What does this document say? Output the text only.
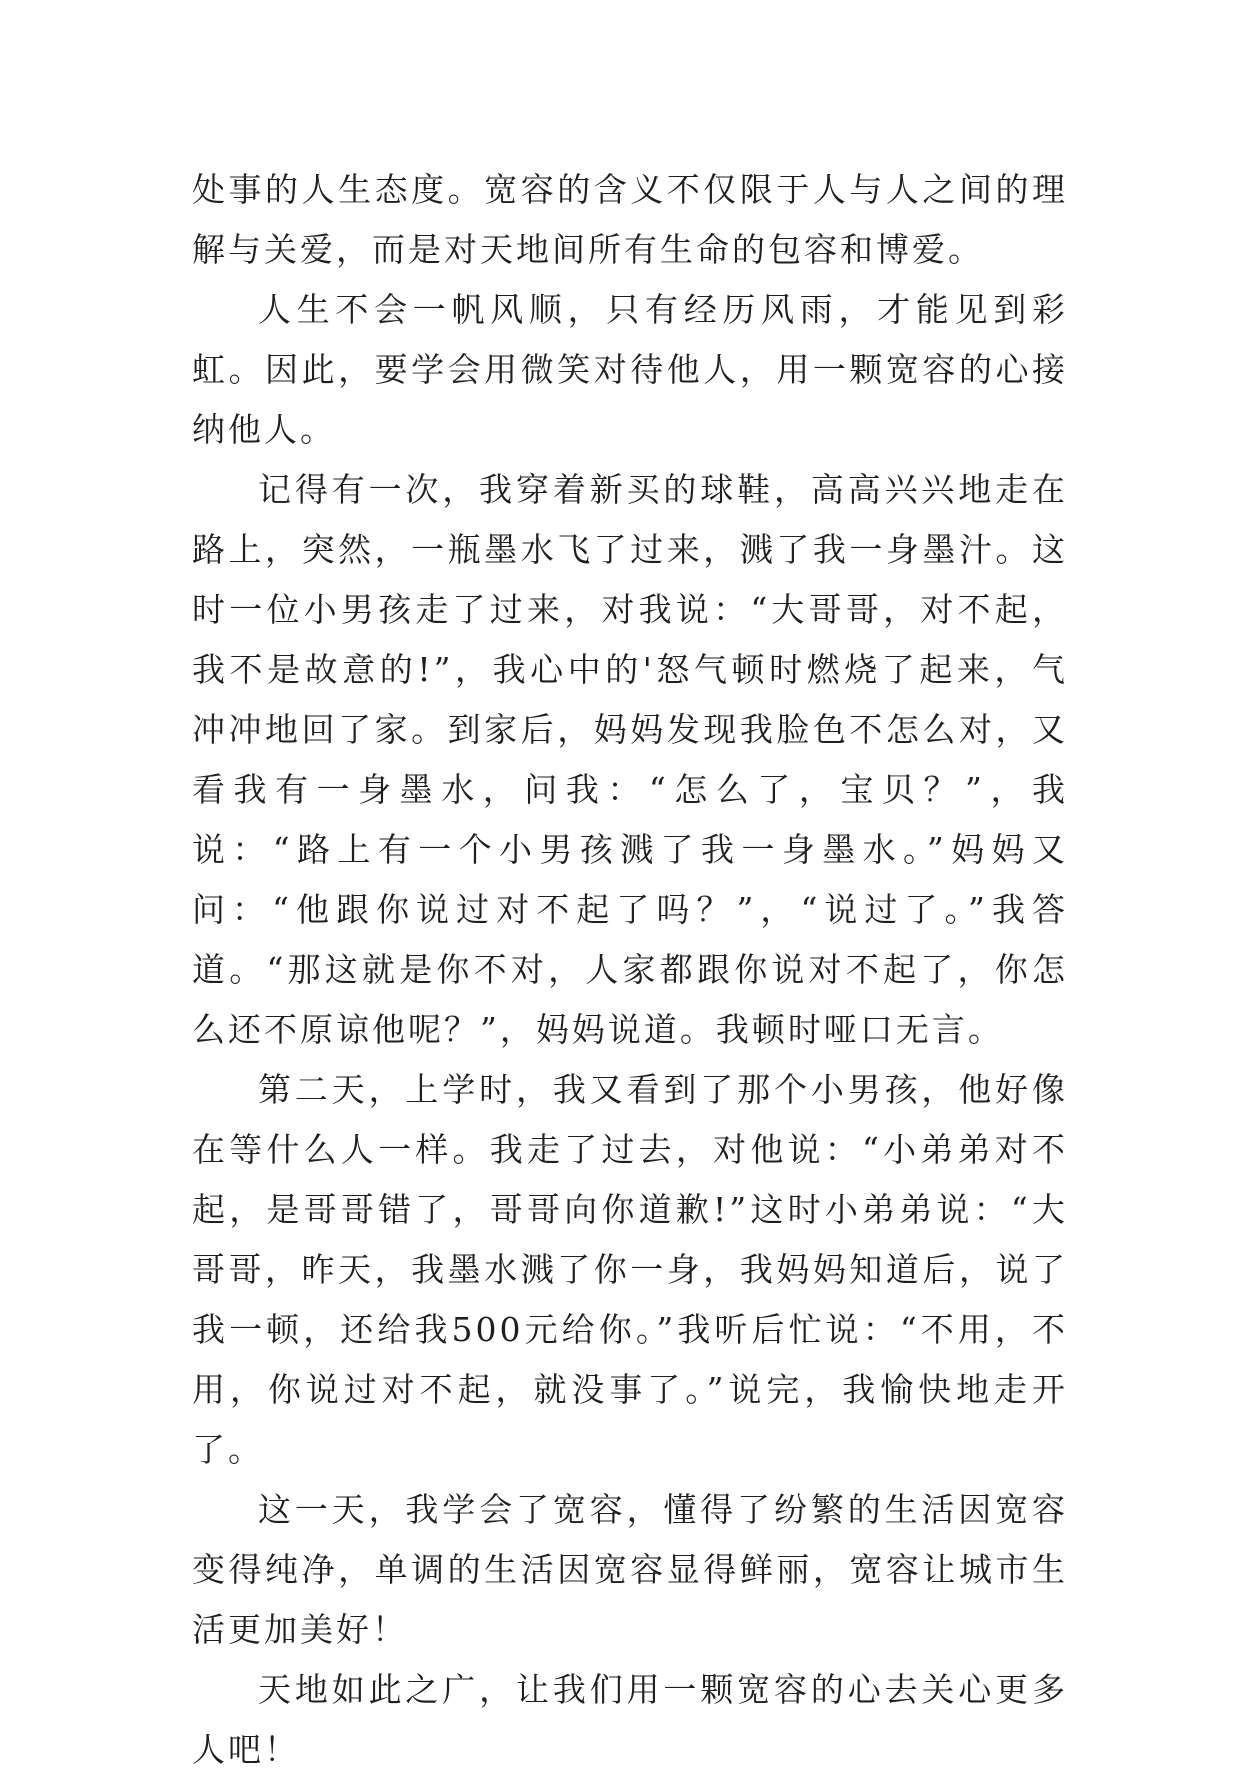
处事的人生态度。宽容的含义不仅限于人与人之间的理解与关爱，而是对天地间所有生命的包容和博爱。

人生不会一帆风顺，只有经历风雨，才能见到彩虹。因此，要学会用微笑对待他人，用一颗宽容的心接纳他人。

记得有一次，我穿着新买的球鞋，高高兴兴地走在路上，突然，一瓶墨水飞了过来，溅了我一身墨汁。这时一位小男孩走了过来，对我说：“大哥哥，对不起，我不是故意的!”，我心中的'怒气顿时燃烧了起来，气冲冲地回了家。到家后，妈妈发现我脸色不怎么对，又看我有一身墨水，问我：“怎么了，宝贝？”，我说：“路上有一个小男孩溅了我一身墨水。”妈妈又问：“他跟你说过对不起了吗？”，“说过了。”我答道。“那这就是你不对，人家都跟你说对不起了，你怎么还不原谅他呢？”，妈妈说道。我顿时哑口无言。

第二天，上学时，我又看到了那个小男孩，他好像在等什么人一样。我走了过去，对他说：“小弟弟对不起，是哥哥错了，哥哥向你道歉!”这时小弟弟说：“大哥哥，昨天，我墨水溅了你一身，我妈妈知道后，说了我一顿，还给我500元给你。”我听后忙说：“不用，不用，你说过对不起，就没事了。”说完，我愉快地走开了。

这一天，我学会了宽容，懂得了纷繁的生活因宽容变得纯净，单调的生活因宽容显得鲜丽，宽容让城市生活更加美好！

天地如此之广，让我们用一颗宽容的心去关心更多人吧！
